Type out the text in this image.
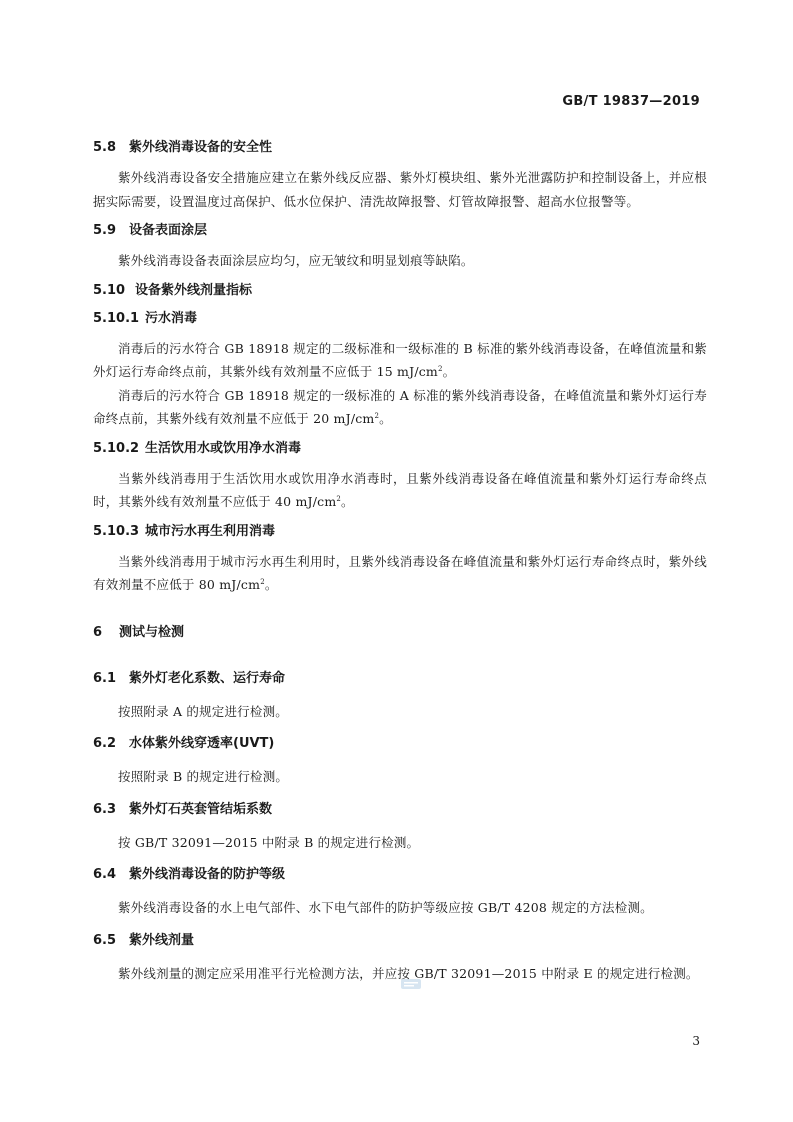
GB/T 19837—2019
5.8 紫外线消毒设备的安全性

紫外线消毒设备安全措施应建立在紫外线反应器、紫外灯模块组、紫外光泄露防护和控制设备上，并应根据实际需要，设置温度过高保护、低水位保护、清洗故障报警、灯管故障报警、超高水位报警等。

5.9 设备表面涂层

紫外线消毒设备表面涂层应均匀，应无皱纹和明显划痕等缺陷。

5.10 设备紫外线剂量指标
5.10.1 污水消毒

消毒后的污水符合 GB 18918 规定的二级标准和一级标准的 B 标准的紫外线消毒设备，在峰值流量和紫外灯运行寿命终点前，其紫外线有效剂量不应低于 15 $mJ/cm^2$。

消毒后的污水符合 GB 18918 规定的一级标准的 A 标准的紫外线消毒设备，在峰值流量和紫外灯运行寿命终点前，其紫外线有效剂量不应低于 20 $mJ/cm^2$。

5.10.2 生活饮用水或饮用净水消毒

当紫外线消毒用于生活饮用水或饮用净水消毒时，且紫外线消毒设备在峰值流量和紫外灯运行寿命终点时，其紫外线有效剂量不应低于 40 $mJ/cm^2$。

5.10.3 城市污水再生利用消毒

当紫外线消毒用于城市污水再生利用时，且紫外线消毒设备在峰值流量和紫外灯运行寿命终点时，紫外线有效剂量不应低于 80 $mJ/cm^2$。

6 测试与检测
6.1 紫外灯老化系数、运行寿命

按照附录 A 的规定进行检测。

6.2 水体紫外线穿透率(UVT)

按照附录 B 的规定进行检测。

6.3 紫外灯石英套管结垢系数

按 GB/T 32091—2015 中附录 B 的规定进行检测。

6.4 紫外线消毒设备的防护等级

紫外线消毒设备的水上电气部件、水下电气部件的防护等级应按 GB/T 4208 规定的方法检测。

6.5 紫外线剂量

紫外线剂量的测定应采用准平行光检测方法，并应按 GB/T 32091—2015 中附录 E 的规定进行检测。

3
